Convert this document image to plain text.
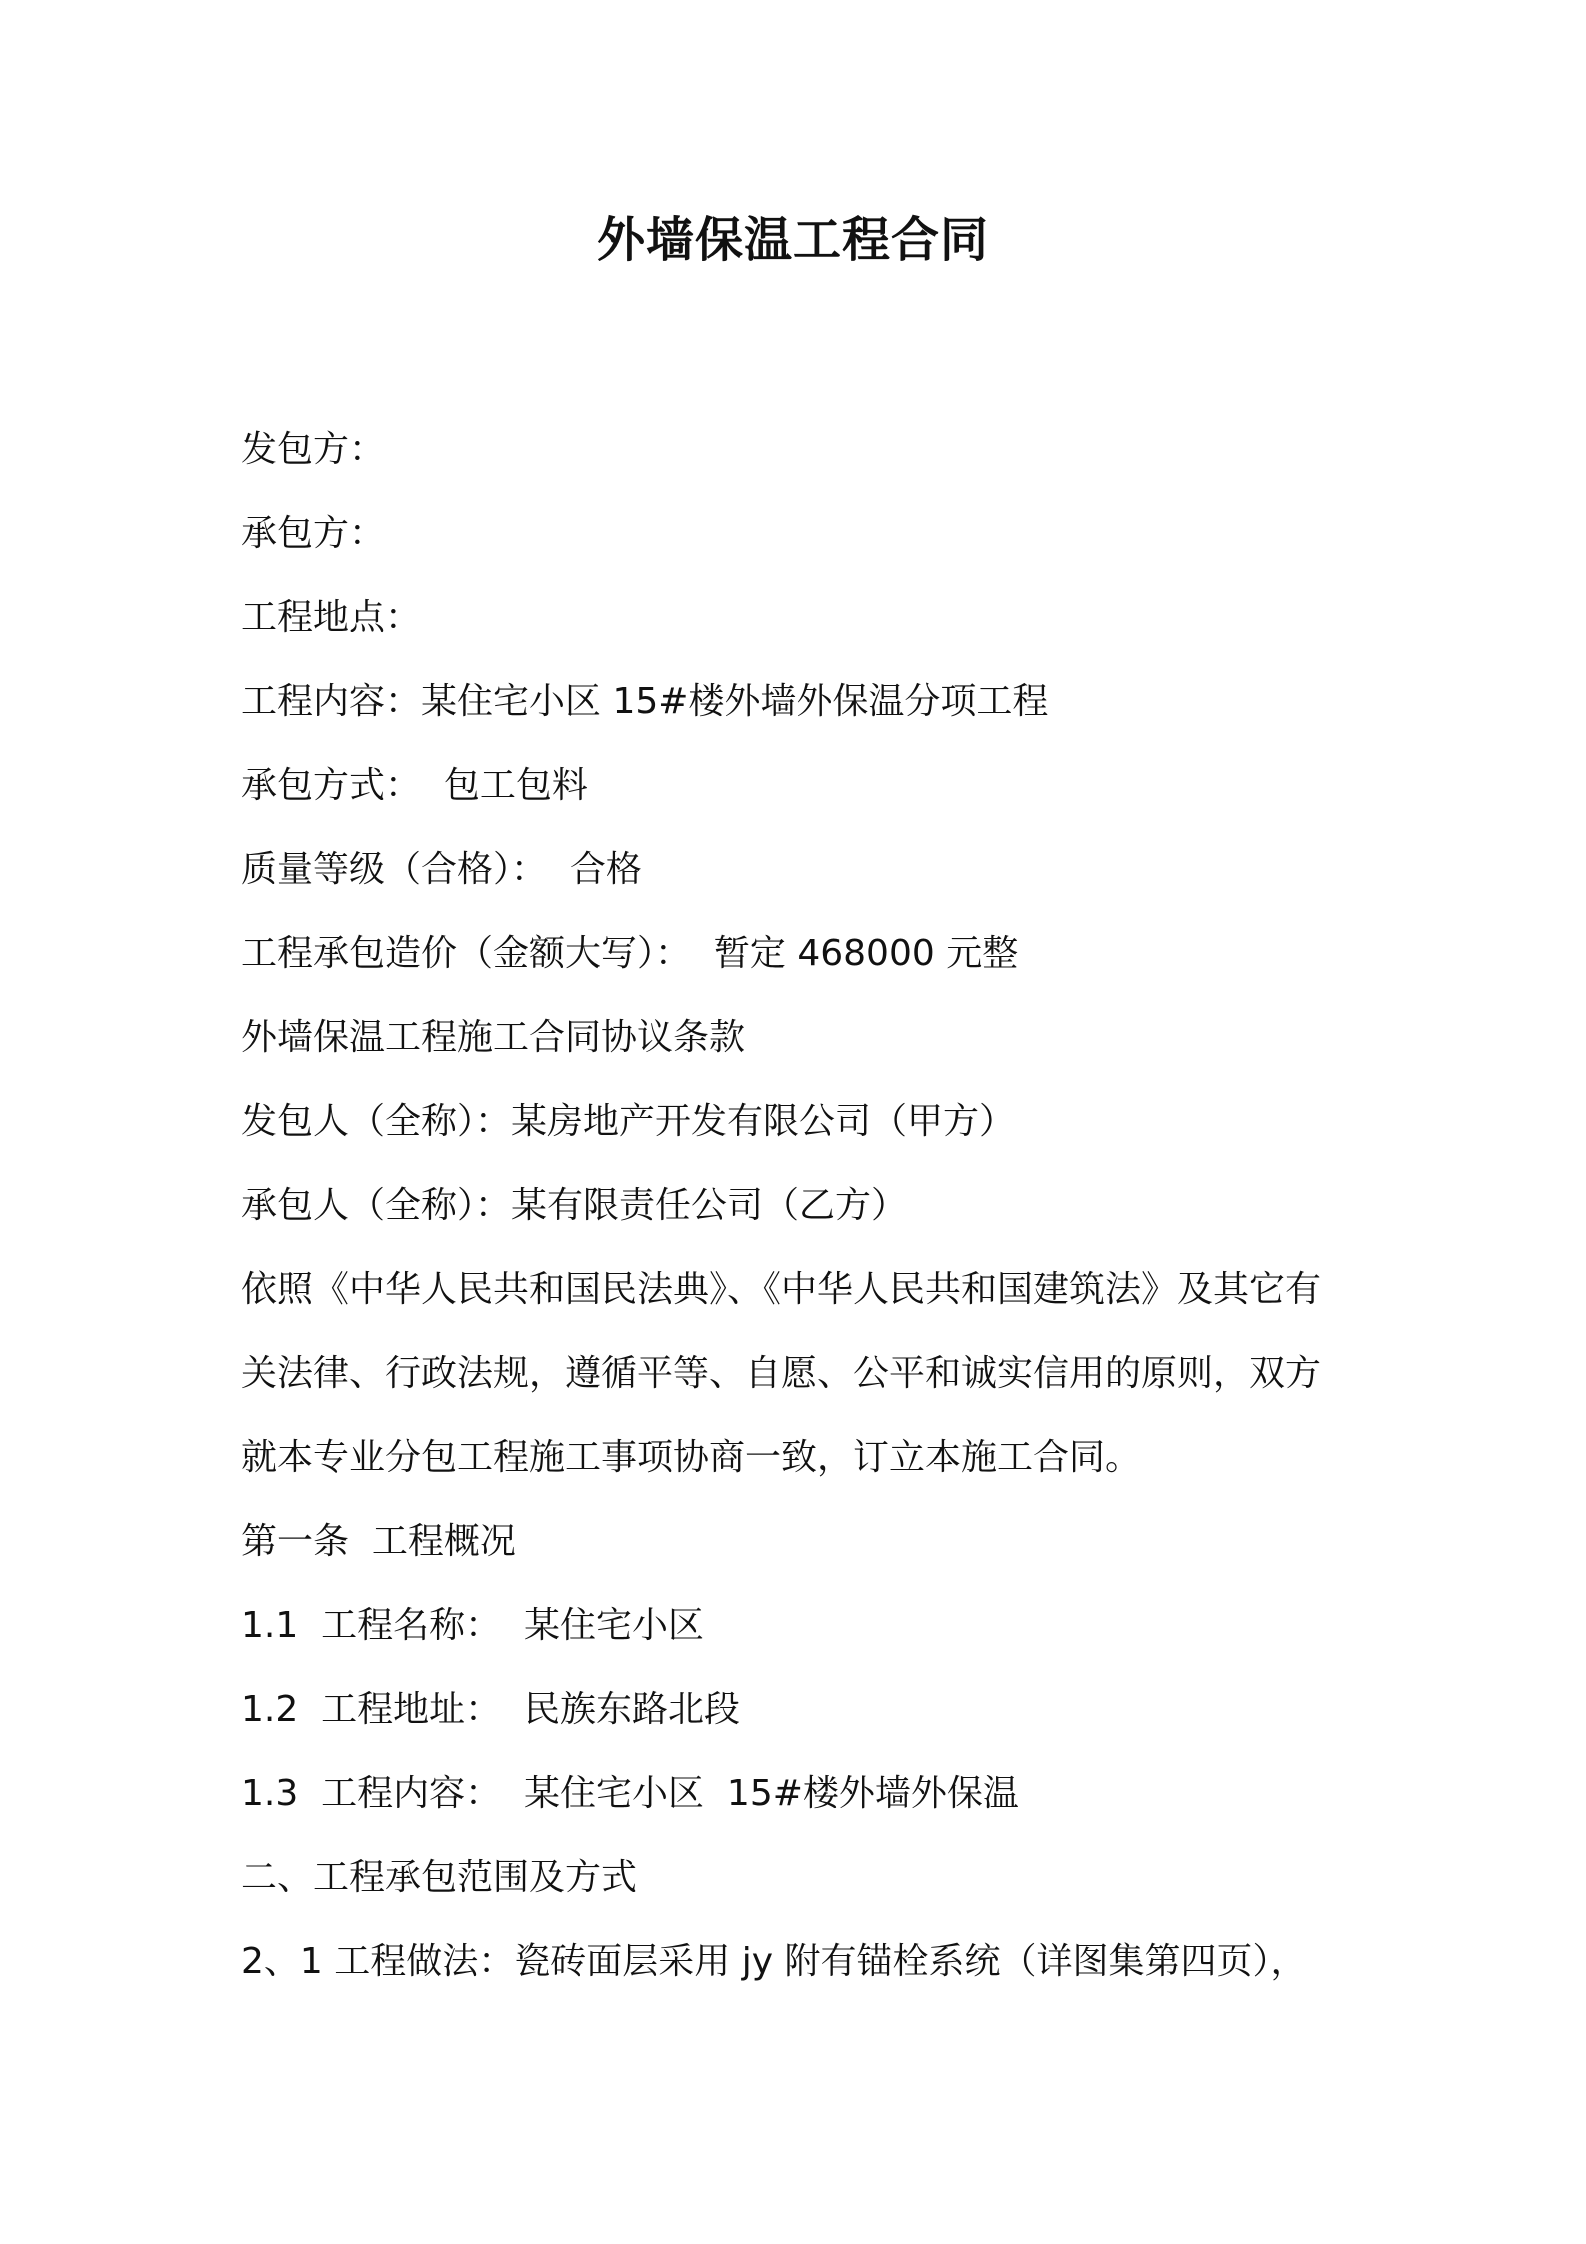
外墙保温工程合同
发包方：
承包方：
工程地点：
工程内容：某住宅小区 15#楼外墙外保温分项工程
承包方式：  包工包料
质量等级（合格）：  合格
工程承包造价（金额大写）：  暂定 468000 元整
外墙保温工程施工合同协议条款
发包人（全称）：某房地产开发有限公司（甲方）
承包人（全称）：某有限责任公司（乙方）
依照《中华人民共和国民法典》、《中华人民共和国建筑法》及其它有
关法律、行政法规，遵循平等、自愿、公平和诚实信用的原则，双方
就本专业分包工程施工事项协商一致，订立本施工合同。
第一条  工程概况
1.1  工程名称：  某住宅小区
1.2  工程地址：  民族东路北段
1.3  工程内容：  某住宅小区  15#楼外墙外保温
二、工程承包范围及方式
2、1 工程做法：瓷砖面层采用 jy 附有锚栓系统（详图集第四页），
